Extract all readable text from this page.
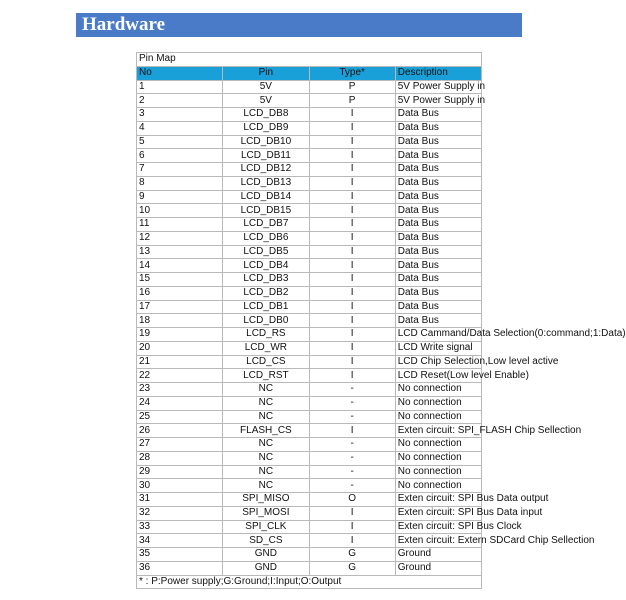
Hardware
Pin Map			
No	Pin	Type*	Description
1	5V	P	5V Power Supply in
2	5V	P	5V Power Supply in
3	LCD_DB8	I	Data Bus
4	LCD_DB9	I	Data Bus
5	LCD_DB10	I	Data Bus
6	LCD_DB11	I	Data Bus
7	LCD_DB12	I	Data Bus
8	LCD_DB13	I	Data Bus
9	LCD_DB14	I	Data Bus
10	LCD_DB15	I	Data Bus
11	LCD_DB7	I	Data Bus
12	LCD_DB6	I	Data Bus
13	LCD_DB5	I	Data Bus
14	LCD_DB4	I	Data Bus
15	LCD_DB3	I	Data Bus
16	LCD_DB2	I	Data Bus
17	LCD_DB1	I	Data Bus
18	LCD_DB0	I	Data Bus
19	LCD_RS	I	LCD Cammand/Data Selection(0:command;1:Data)
20	LCD_WR	I	LCD Write signal
21	LCD_CS	I	LCD Chip Selection,Low level active
22	LCD_RST	I	LCD Reset(Low level Enable)
23	NC	-	No connection
24	NC	-	No connection
25	NC	-	No connection
26	FLASH_CS	I	Exten circuit: SPI_FLASH Chip Sellection
27	NC	-	No connection
28	NC	-	No connection
29	NC	-	No connection
30	NC	-	No connection
31	SPI_MISO	O	Exten circuit: SPI Bus Data output
32	SPI_MOSI	I	Exten circuit: SPI Bus Data input
33	SPI_CLK	I	Exten circuit: SPI Bus Clock
34	SD_CS	I	Exten circuit: Extern SDCard Chip Sellection
35	GND	G	Ground
36	GND	G	Ground
* : P:Power supply;G:Ground;I:Input;O:Output			
